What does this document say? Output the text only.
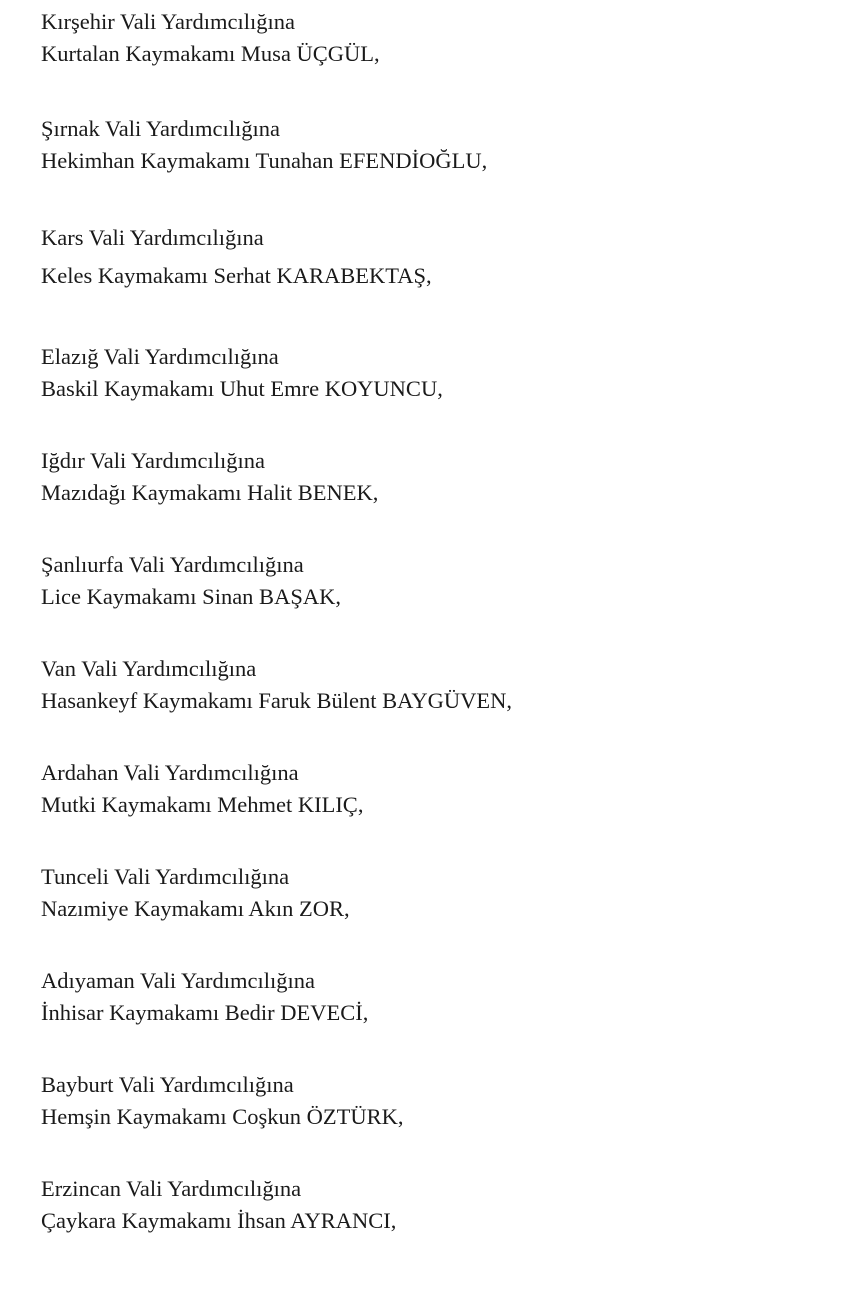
Kırşehir Vali Yardımcılığına
Kurtalan Kaymakamı Musa ÜÇGÜL,
Şırnak Vali Yardımcılığına
Hekimhan Kaymakamı Tunahan EFENDİOĞLU,
Kars Vali Yardımcılığına
Keles Kaymakamı Serhat KARABEKTAŞ,
Elazığ Vali Yardımcılığına
Baskil Kaymakamı Uhut Emre KOYUNCU,
Iğdır Vali Yardımcılığına
Mazıdağı Kaymakamı Halit BENEK,
Şanlıurfa Vali Yardımcılığına
Lice Kaymakamı Sinan BAŞAK,
Van Vali Yardımcılığına
Hasankeyf Kaymakamı Faruk Bülent BAYGÜVEN,
Ardahan Vali Yardımcılığına
Mutki Kaymakamı Mehmet KILIÇ,
Tunceli Vali Yardımcılığına
Nazımiye Kaymakamı Akın ZOR,
Adıyaman Vali Yardımcılığına
İnhisar Kaymakamı Bedir DEVECİ,
Bayburt Vali Yardımcılığına
Hemşin Kaymakamı Coşkun ÖZTÜRK,
Erzincan Vali Yardımcılığına
Çaykara Kaymakamı İhsan AYRANCI,
